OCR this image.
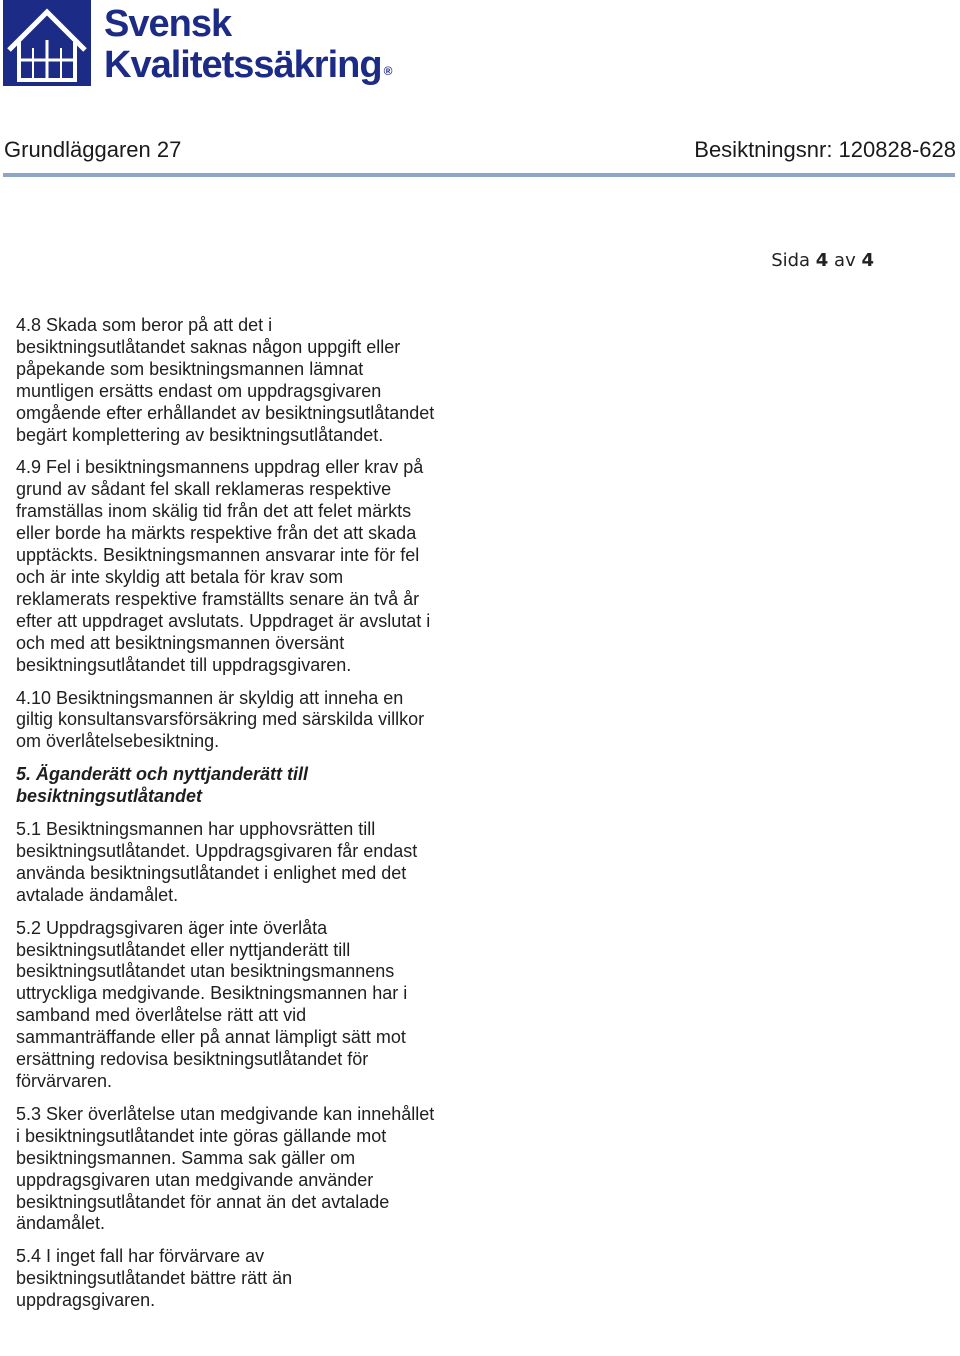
Svensk
Kvalitetssäkring ®
Grundläggaren 27	Besiktningsnr: 120828-628
Sida 4 av 4

4.8 Skada som beror på att det i besiktningsutlåtandet saknas någon uppgift eller påpekande som besiktningsmannen lämnat muntligen ersätts endast om uppdragsgivaren omgående efter erhållandet av besiktningsutlåtandet begärt komplettering av besiktningsutlåtandet.

4.9 Fel i besiktningsmannens uppdrag eller krav på grund av sådant fel skall reklameras respektive framställas inom skälig tid från det att felet märkts eller borde ha märkts respektive från det att skada upptäckts. Besiktningsmannen ansvarar inte för fel och är inte skyldig att betala för krav som reklamerats respektive framställts senare än två år efter att uppdraget avslutats. Uppdraget är avslutat i och med att besiktningsmannen översänt besiktningsutlåtandet till uppdragsgivaren.

4.10 Besiktningsmannen är skyldig att inneha en giltig konsultansvarsförsäkring med särskilda villkor om överlåtelsebesiktning.

5. Äganderätt och nyttjanderätt till besiktningsutlåtandet

5.1 Besiktningsmannen har upphovsrätten till besiktningsutlåtandet. Uppdragsgivaren får endast använda besiktningsutlåtandet i enlighet med det avtalade ändamålet.

5.2 Uppdragsgivaren äger inte överlåta besiktningsutlåtandet eller nyttjanderätt till besiktningsutlåtandet utan besiktningsmannens uttryckliga medgivande. Besiktningsmannen har i samband med överlåtelse rätt att vid sammanträffande eller på annat lämpligt sätt mot ersättning redovisa besiktningsutlåtandet för förvärvaren.

5.3 Sker överlåtelse utan medgivande kan innehållet i besiktningsutlåtandet inte göras gällande mot besiktningsmannen. Samma sak gäller om uppdragsgivaren utan medgivande använder besiktningsutlåtandet för annat än det avtalade ändamålet.

5.4 I inget fall har förvärvare av besiktningsutlåtandet bättre rätt än uppdragsgivaren.
